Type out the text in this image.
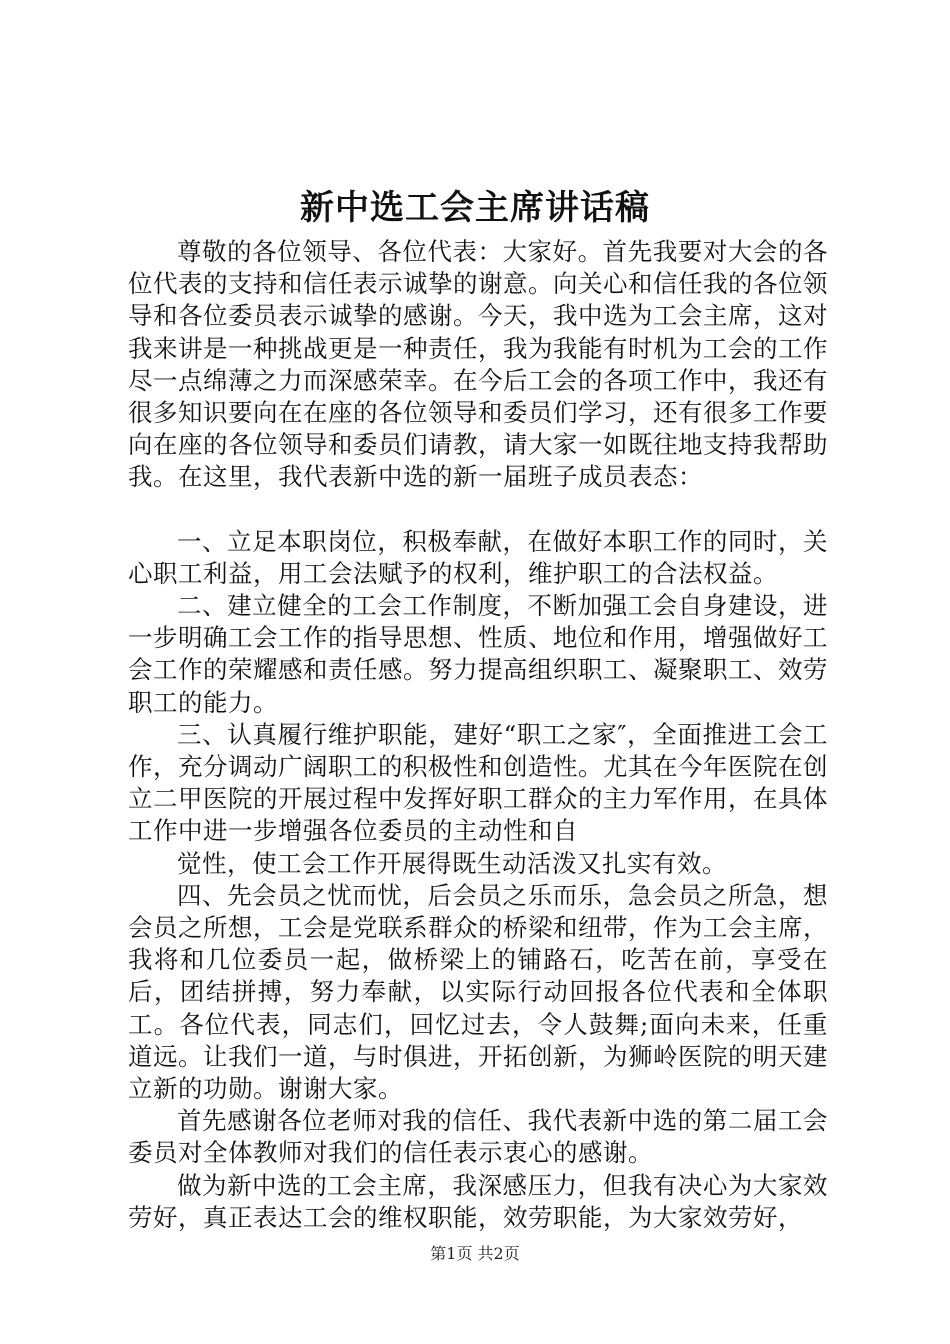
新中选工会主席讲话稿

尊敬的各位领导、各位代表：大家好。首先我要对大会的各位代表的支持和信任表示诚挚的谢意。向关心和信任我的各位领导和各位委员表示诚挚的感谢。今天，我中选为工会主席，这对我来讲是一种挑战更是一种责任，我为我能有时机为工会的工作尽一点绵薄之力而深感荣幸。在今后工会的各项工作中，我还有很多知识要向在在座的各位领导和委员们学习，还有很多工作要向在座的各位领导和委员们请教，请大家一如既往地支持我帮助我。在这里，我代表新中选的新一届班子成员表态：

一、立足本职岗位，积极奉献，在做好本职工作的同时，关心职工利益，用工会法赋予的权利，维护职工的合法权益。

二、建立健全的工会工作制度，不断加强工会自身建设，进一步明确工会工作的指导思想、性质、地位和作用，增强做好工会工作的荣耀感和责任感。努力提高组织职工、凝聚职工、效劳职工的能力。

三、认真履行维护职能，建好“职工之家″，全面推进工会工作，充分调动广阔职工的积极性和创造性。尤其在今年医院在创立二甲医院的开展过程中发挥好职工群众的主力军作用，在具体工作中进一步增强各位委员的主动性和自

觉性，使工会工作开展得既生动活泼又扎实有效。

四、先会员之忧而忧，后会员之乐而乐，急会员之所急，想会员之所想，工会是党联系群众的桥梁和纽带，作为工会主席，我将和几位委员一起，做桥梁上的铺路石，吃苦在前，享受在后，团结拼搏，努力奉献，以实际行动回报各位代表和全体职工。各位代表，同志们，回忆过去，令人鼓舞;面向未来，任重道远。让我们一道，与时俱进，开拓创新，为狮岭医院的明天建立新的功勋。谢谢大家。

首先感谢各位老师对我的信任、我代表新中选的第二届工会委员对全体教师对我们的信任表示衷心的感谢。

做为新中选的工会主席，我深感压力，但我有决心为大家效劳好，真正表达工会的维权职能，效劳职能，为大家效劳好，

第1页 共2页
